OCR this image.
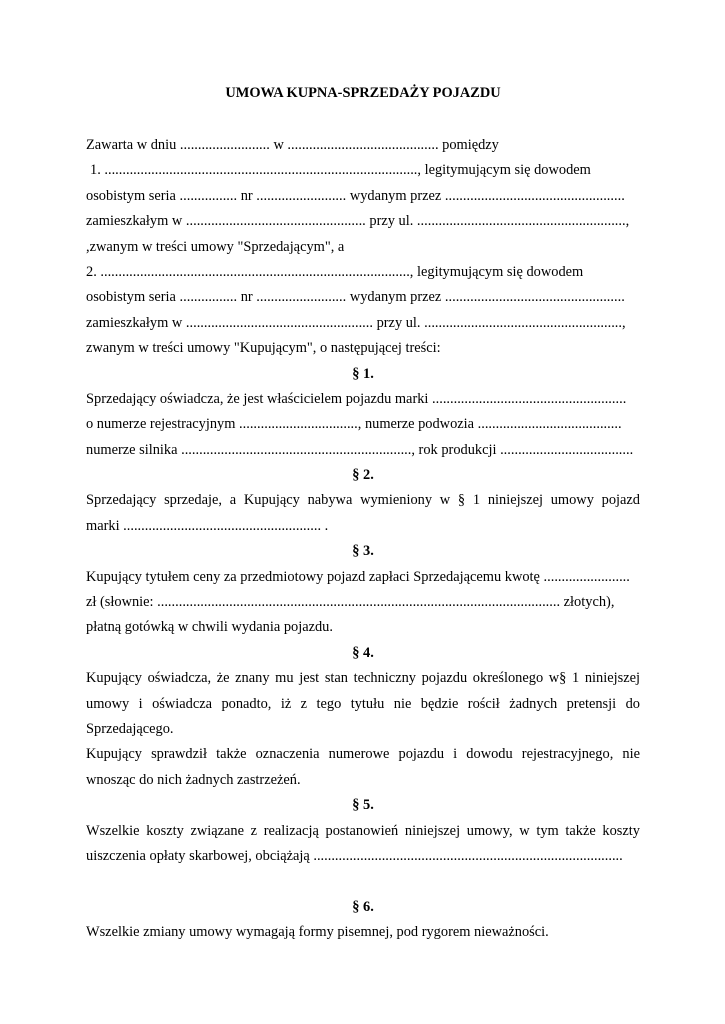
UMOWA KUPNA-SPRZEDAŻY POJAZDU
Zawarta w dniu ......................... w .......................................... pomiędzy
1. ......................................................................................., legitymującym się dowodem
osobistym seria ................ nr ......................... wydanym przez ..................................................
zamieszkałym w .................................................. przy ul. ..........................................................,
,zwanym w treści umowy "Sprzedającym", a
2. ......................................................................................, legitymującym się dowodem
osobistym seria ................ nr ......................... wydanym przez ..................................................
zamieszkałym w .................................................... przy ul. .......................................................,
zwanym w treści umowy "Kupującym", o następującej treści:
§ 1.
Sprzedający oświadcza, że jest właścicielem pojazdu marki ......................................................
o numerze rejestracyjnym ................................., numerze podwozia ........................................
numerze silnika ................................................................, rok produkcji .....................................
§ 2.
Sprzedający sprzedaje, a Kupujący nabywa wymieniony w § 1 niniejszej umowy pojazd
marki ....................................................... .
§ 3.
Kupujący tytułem ceny za przedmiotowy pojazd zapłaci Sprzedającemu kwotę ........................
zł (słownie: ................................................................................................................ złotych),
płatną gotówką w chwili wydania pojazdu.
§ 4.
Kupujący oświadcza, że znany mu jest stan techniczny pojazdu określonego w§ 1 niniejszej
umowy i oświadcza ponadto, iż z tego tytułu nie będzie rościł żadnych pretensji do
Sprzedającego.
Kupujący sprawdził także oznaczenia numerowe pojazdu i dowodu rejestracyjnego, nie
wnosząc do nich żadnych zastrzeżeń.
§ 5.
Wszelkie koszty związane z realizacją postanowień niniejszej umowy, w tym także koszty
uiszczenia opłaty skarbowej, obciążają ......................................................................................
§ 6.
Wszelkie zmiany umowy wymagają formy pisemnej, pod rygorem nieważności.
